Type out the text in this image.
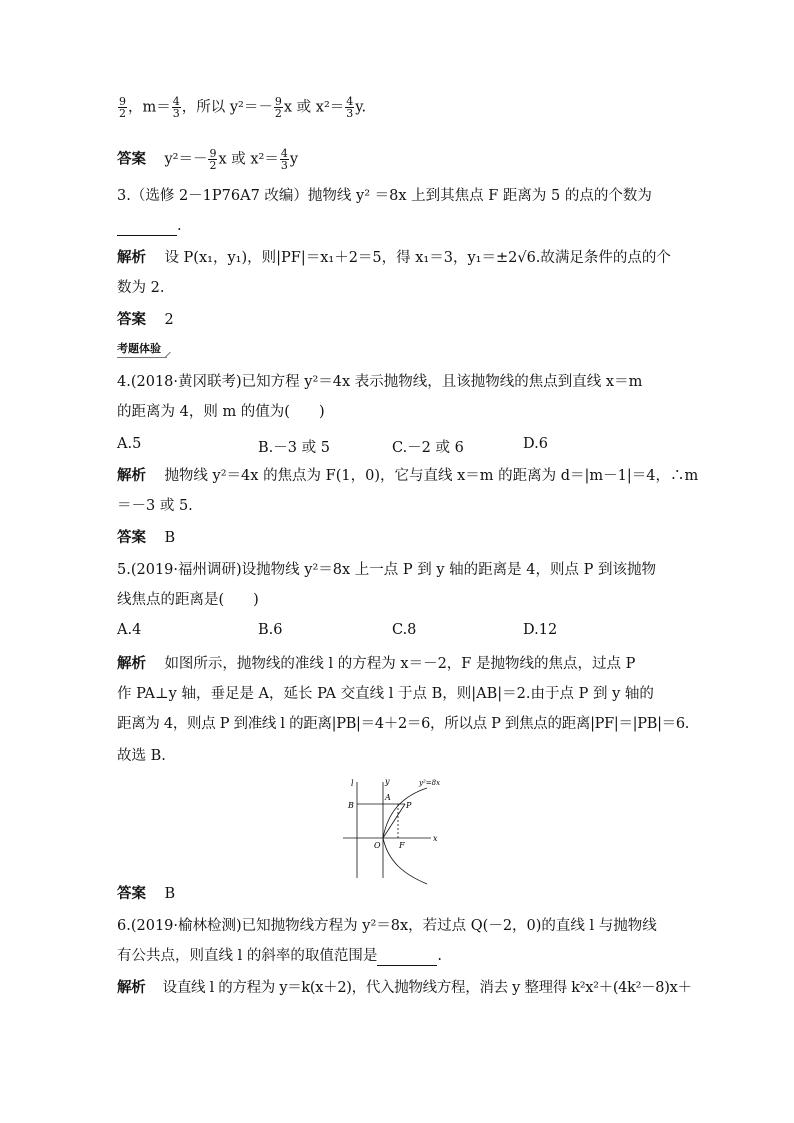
$\frac{9}{2}$ ，$m= \frac{4}{3}$ ，所以 $y^2=- \frac{9}{2}$ x 或 $x^2= \frac{4}{3} y$.
答案 $y^2=- \frac{9}{2}$ x 或 $x^2= \frac{4}{3}$ y
3.（选修 2－1P76A7 改编）抛物线 y² ＝8x 上到其焦点 F 距离为 5 的点的个数为
.
解析 设 P(x₁，y₁)，则|PF|＝x₁＋2＝5，得 x₁＝3，y₁＝±2√6.故满足条件的点的个
数为 2.
答案 2
考题体验
4.(2018·黄冈联考)已知方程 y²＝4x 表示抛物线，且该抛物线的焦点到直线 x＝m
的距离为 4，则 m 的值为(　　)
A.5	B.－3 或 5	C.－2 或 6	D.6
解析 抛物线 y²＝4x 的焦点为 F(1，0)，它与直线 x＝m 的距离为 d＝|m－1|＝4，∴m
＝－3 或 5.
答案 B
5.(2019·福州调研)设抛物线 y²＝8x 上一点 P 到 y 轴的距离是 4，则点 P 到该抛物
线焦点的距离是(　　)
A.4	B.6	C.8	D.12
解析 如图所示，抛物线的准线 l 的方程为 x＝－2，F 是抛物线的焦点，过点 P
作 PA⊥y 轴，垂足是 A，延长 PA 交直线 l 于点 B，则|AB|＝2.由于点 P 到 y 轴的
距离为 4，则点 P 到准线 l 的距离|PB|＝4＋2＝6，所以点 P 到焦点的距离|PF|＝|PB|＝6.
故选 B.
l	y
x
A
B	P
O F
y²=8x
答案 B
6.(2019·榆林检测)已知抛物线方程为 y²＝8x，若过点 Q(－2，0)的直线 l 与抛物线
有公共点，则直线 l 的斜率的取值范围是	.
解析 设直线 l 的方程为 y＝k(x＋2)，代入抛物线方程，消去 y 整理得 k²x²＋(4k²－8)x＋
